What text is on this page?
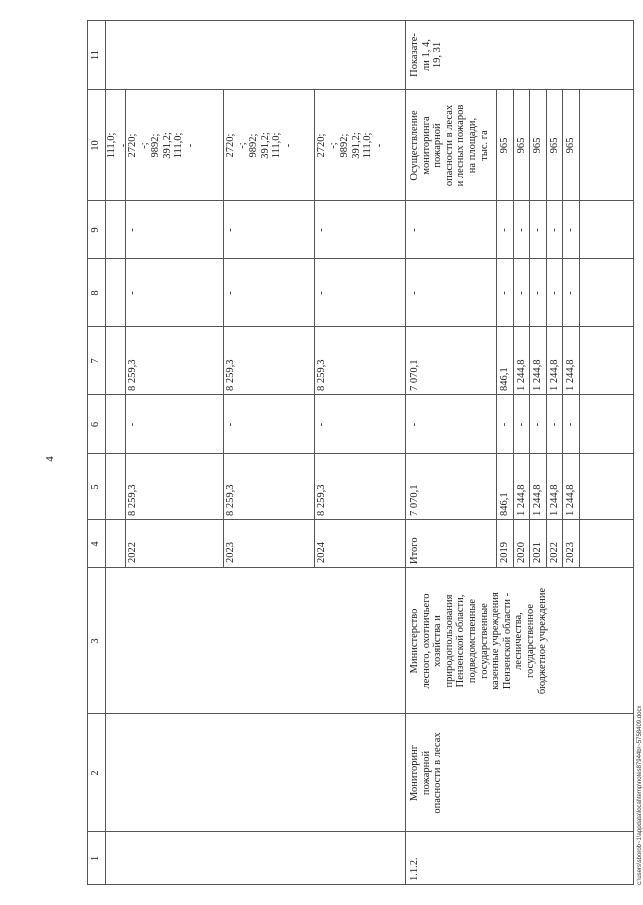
4
1
2
3
4
5
6
7
8
9
10
11
111,0; -
2022
8 259,3
-
8 259,3
-
-
2720; -; 9892; 391,2; 111,0; -
2023
8 259,3
-
8 259,3
-
-
2720; -; 9892; 391,2; 111,0; -
2024
8 259,3
-
8 259,3
-
-
2720; -; 9892; 391,2; 111,0; -
1.1.2.
Мониторинг пожарной опасности в лесах
Министерство лесного, охотничьего хозяйства и природопользования Пензенской области, подведомственные государственные казенные учреждения Пензенской области - лесничества, государственное бюджетное учреждение
Итого
7 070,1
-
7 070,1
-
-
Осуществление мониторинга пожарной опасности в лесах и лесных пожаров на площади, тыс. га
Показате- ли 1, 4, 19, 31
2019
846,1
-
846,1
-
-
965
2020
1 244,8
-
1 244,8
-
-
965
2021
1 244,8
-
1 244,8
-
-
965
2022
1 244,8
-
1 244,8
-
-
965
2023
1 244,8
-
1 244,8
-
-
965
c:\users\sborob~1\appdata\local\temp\notes87944b\~5758409.docx
